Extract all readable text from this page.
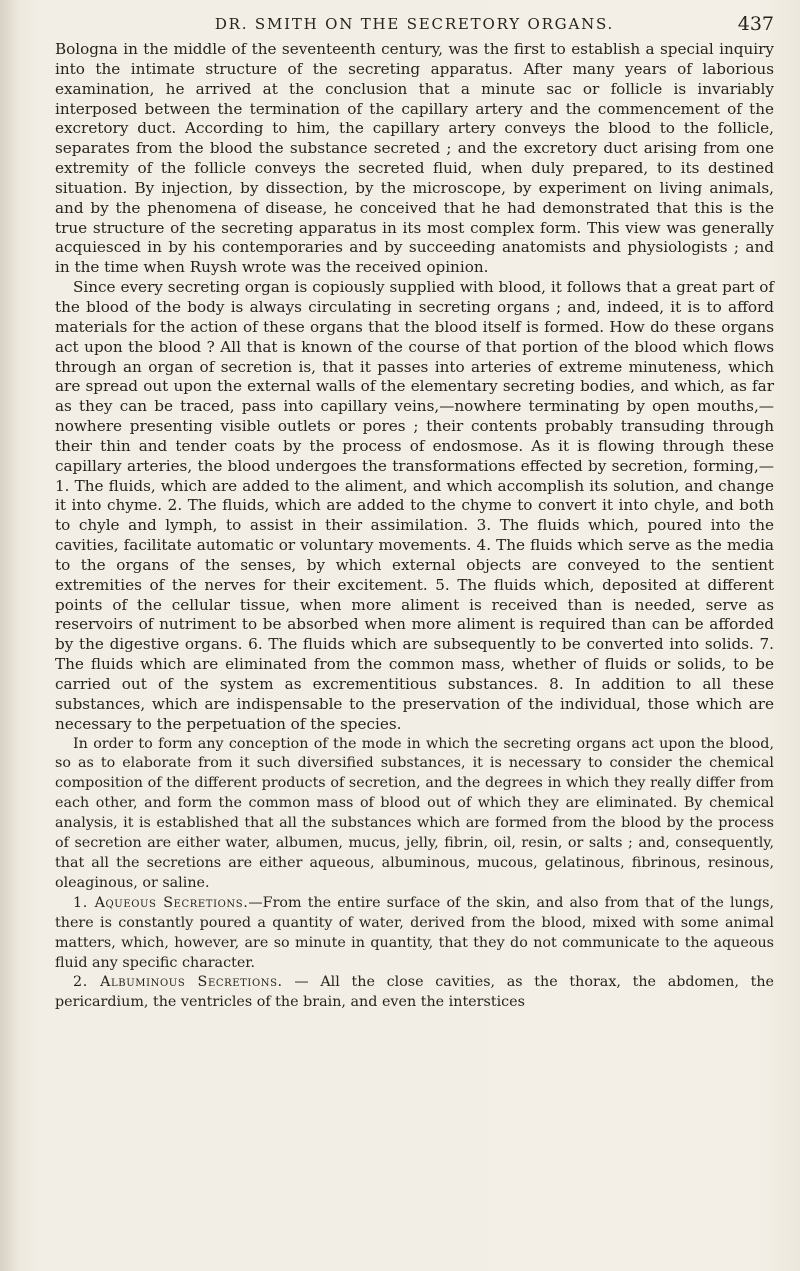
DR. SMITH ON THE SECRETORY ORGANS.	437

Bologna in the middle of the seventeenth century, was the first to establish a special inquiry into the intimate structure of the secreting apparatus. After many years of laborious examination, he arrived at the conclusion that a minute sac or follicle is invariably interposed between the termination of the capillary artery and the commencement of the excretory duct. According to him, the capillary artery conveys the blood to the follicle, separates from the blood the substance secreted ; and the excretory duct arising from one extremity of the follicle conveys the secreted fluid, when duly prepared, to its destined situation. By injection, by dissection, by the microscope, by experiment on living animals, and by the phenomena of disease, he conceived that he had demonstrated that this is the true structure of the secreting apparatus in its most complex form. This view was generally acquiesced in by his contemporaries and by succeeding anatomists and physiologists ; and in the time when Ruysh wrote was the received opinion.

Since every secreting organ is copiously supplied with blood, it follows that a great part of the blood of the body is always circulating in secreting organs ; and, indeed, it is to afford materials for the action of these organs that the blood itself is formed. How do these organs act upon the blood ? All that is known of the course of that portion of the blood which flows through an organ of secretion is, that it passes into arteries of extreme minuteness, which are spread out upon the external walls of the elementary secreting bodies, and which, as far as they can be traced, pass into capillary veins,—nowhere terminating by open mouths,—nowhere presenting visible outlets or pores ; their contents probably transuding through their thin and tender coats by the process of endosmose. As it is flowing through these capillary arteries, the blood undergoes the transformations effected by secretion, forming,—1. The fluids, which are added to the aliment, and which accomplish its solution, and change it into chyme. 2. The fluids, which are added to the chyme to convert it into chyle, and both to chyle and lymph, to assist in their assimilation. 3. The fluids which, poured into the cavities, facilitate automatic or voluntary movements. 4. The fluids which serve as the media to the organs of the senses, by which external objects are conveyed to the sentient extremities of the nerves for their excitement. 5. The fluids which, deposited at different points of the cellular tissue, when more aliment is received than is needed, serve as reservoirs of nutriment to be absorbed when more aliment is required than can be afforded by the digestive organs. 6. The fluids which are subsequently to be converted into solids. 7. The fluids which are eliminated from the common mass, whether of fluids or solids, to be carried out of the system as excrementitious substances. 8. In addition to all these substances, which are indispensable to the preservation of the individual, those which are necessary to the perpetuation of the species.

In order to form any conception of the mode in which the secreting organs act upon the blood, so as to elaborate from it such diversified substances, it is necessary to consider the chemical composition of the different products of secretion, and the degrees in which they really differ from each other, and form the common mass of blood out of which they are eliminated. By chemical analysis, it is established that all the substances which are formed from the blood by the process of secretion are either water, albumen, mucus, jelly, fibrin, oil, resin, or salts ; and, consequently, that all the secretions are either aqueous, albuminous, mucous, gelatinous, fibrinous, resinous, oleaginous, or saline.

1. Aqueous Secretions.—From the entire surface of the skin, and also from that of the lungs, there is constantly poured a quantity of water, derived from the blood, mixed with some animal matters, which, however, are so minute in quantity, that they do not communicate to the aqueous fluid any specific character.

2. Albuminous Secretions. — All the close cavities, as the thorax, the abdomen, the pericardium, the ventricles of the brain, and even the interstices
